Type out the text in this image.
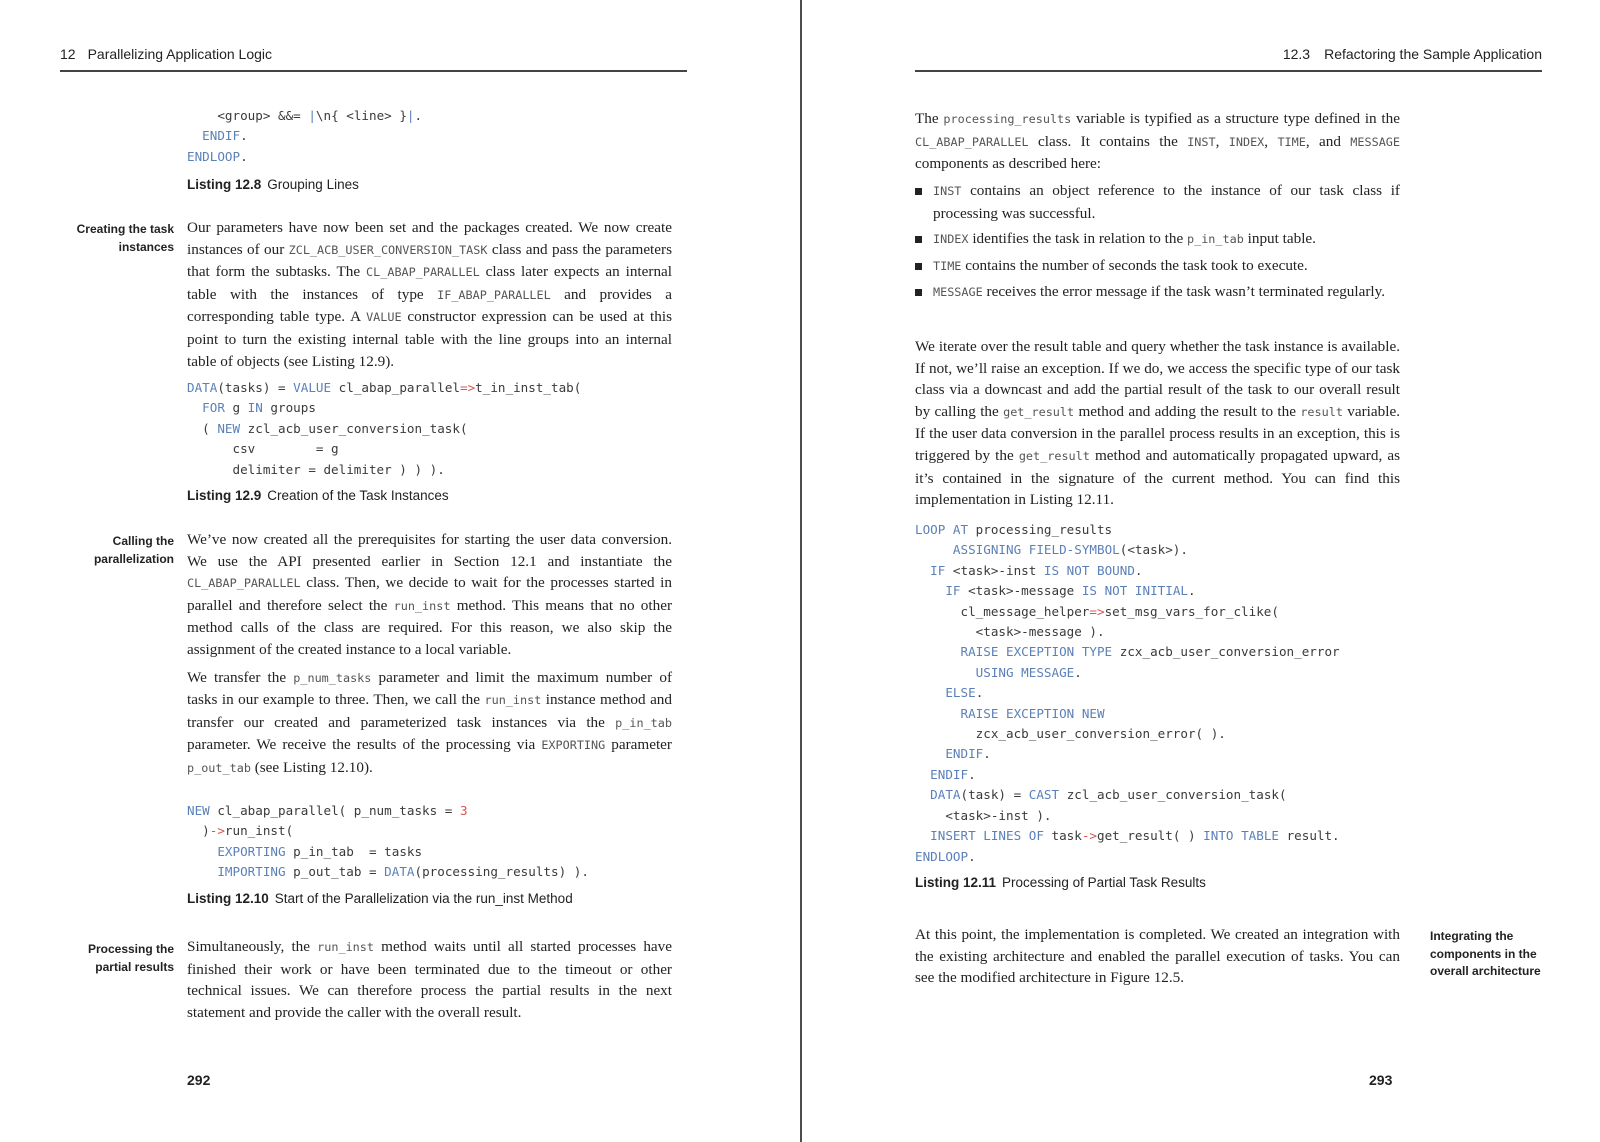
12 Parallelizing Application Logic
<group> &&= |\n{ <line> }|.
ENDIF.
ENDLOOP.
Listing 12.8 Grouping Lines
Creating the task instances

Our parameters have now been set and the packages created. We now create instances of our ZCL_ACB_USER_CONVERSION_TASK class and pass the parameters that form the subtasks. The CL_ABAP_PARALLEL class later expects an internal table with the instances of type IF_ABAP_PARALLEL and provides a corresponding table type. A VALUE constructor expression can be used at this point to turn the existing internal table with the line groups into an internal table of objects (see Listing 12.9).

DATA(tasks) = VALUE cl_abap_parallel=>t_in_inst_tab(
FOR g IN groups
( NEW zcl_acb_user_conversion_task(
csv        = g
delimiter = delimiter ) ) ).
Listing 12.9 Creation of the Task Instances
Calling the parallelization

We’ve now created all the prerequisites for starting the user data conversion. We use the API presented earlier in Section 12.1 and instantiate the CL_ABAP_PARALLEL class. Then, we decide to wait for the processes started in parallel and therefore select the run_inst method. This means that no other method calls of the class are required. For this reason, we also skip the assignment of the created instance to a local variable.

We transfer the p_num_tasks parameter and limit the maximum number of tasks in our example to three. Then, we call the run_inst instance method and transfer our created and parameterized task instances via the p_in_tab parameter. We receive the results of the processing via EXPORTING parameter p_out_tab (see Listing 12.10).

NEW cl_abap_parallel( p_num_tasks = 3
)->run_inst(
EXPORTING p_in_tab  = tasks
IMPORTING p_out_tab = DATA(processing_results) ).
Listing 12.10 Start of the Parallelization via the run_inst Method
Processing the partial results

Simultaneously, the run_inst method waits until all started processes have finished their work or have been terminated due to the timeout or other technical issues. We can therefore process the partial results in the next statement and provide the caller with the overall result.

292
12.3 Refactoring the Sample Application

The processing_results variable is typified as a structure type defined in the CL_ABAP_PARALLEL class. It contains the INST, INDEX, TIME, and MESSAGE components as described here:

INST contains an object reference to the instance of our task class if processing was successful.
INDEX identifies the task in relation to the p_in_tab input table.
TIME contains the number of seconds the task took to execute.
MESSAGE receives the error message if the task wasn’t terminated regularly.

We iterate over the result table and query whether the task instance is available. If not, we’ll raise an exception. If we do, we access the specific type of our task class via a downcast and add the partial result of the task to our overall result by calling the get_result method and adding the result to the result variable. If the user data conversion in the parallel process results in an exception, this is triggered by the get_result method and automatically propagated upward, as it’s contained in the signature of the current method. You can find this implementation in Listing 12.11.

LOOP AT processing_results
ASSIGNING FIELD-SYMBOL(<task>).
IF <task>-inst IS NOT BOUND.
IF <task>-message IS NOT INITIAL.
cl_message_helper=>set_msg_vars_for_clike(
<task>-message ).
RAISE EXCEPTION TYPE zcx_acb_user_conversion_error
USING MESSAGE.
ELSE.
RAISE EXCEPTION NEW
zcx_acb_user_conversion_error( ).
ENDIF.
ENDIF.
DATA(task) = CAST zcl_acb_user_conversion_task(
<task>-inst ).
INSERT LINES OF task->get_result( ) INTO TABLE result.
ENDLOOP.
Listing 12.11 Processing of Partial Task Results

At this point, the implementation is completed. We created an integration with the existing architecture and enabled the parallel execution of tasks. You can see the modified architecture in Figure 12.5.

Integrating the components in the overall architecture
293
